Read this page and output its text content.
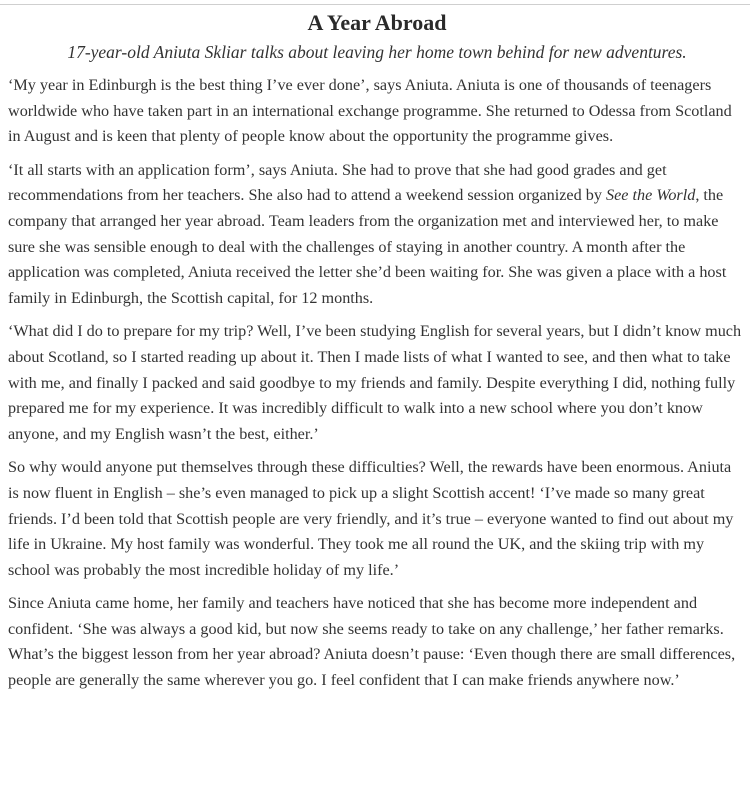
A Year Abroad

17-year-old Aniuta Skliar talks about leaving her home town behind for new adventures.

‘My year in Edinburgh is the best thing I’ve ever done’, says Aniuta. Aniuta is one of thousands of teenagers worldwide who have taken part in an international exchange programme. She returned to Odessa from Scotland in August and is keen that plenty of people know about the opportunity the programme gives.

‘It all starts with an application form’, says Aniuta. She had to prove that she had good grades and get recommendations from her teachers. She also had to attend a weekend session organized by See the World, the company that arranged her year abroad. Team leaders from the organization met and interviewed her, to make sure she was sensible enough to deal with the challenges of staying in another country. A month after the application was completed, Aniuta received the letter she’d been waiting for. She was given a place with a host family in Edinburgh, the Scottish capital, for 12 months.

‘What did I do to prepare for my trip? Well, I’ve been studying English for several years, but I didn’t know much about Scotland, so I started reading up about it. Then I made lists of what I wanted to see, and then what to take with me, and finally I packed and said goodbye to my friends and family. Despite everything I did, nothing fully prepared me for my experience. It was incredibly difficult to walk into a new school where you don’t know anyone, and my English wasn’t the best, either.’

So why would anyone put themselves through these difficulties? Well, the rewards have been enormous. Aniuta is now fluent in English – she’s even managed to pick up a slight Scottish accent! ‘I’ve made so many great friends. I’d been told that Scottish people are very friendly, and it’s true – everyone wanted to find out about my life in Ukraine. My host family was wonderful. They took me all round the UK, and the skiing trip with my school was probably the most incredible holiday of my life.’

Since Aniuta came home, her family and teachers have noticed that she has become more independent and confident. ‘She was always a good kid, but now she seems ready to take on any challenge,’ her father remarks. What’s the biggest lesson from her year abroad? Aniuta doesn’t pause: ‘Even though there are small differences, people are generally the same wherever you go. I feel confident that I can make friends anywhere now.’
